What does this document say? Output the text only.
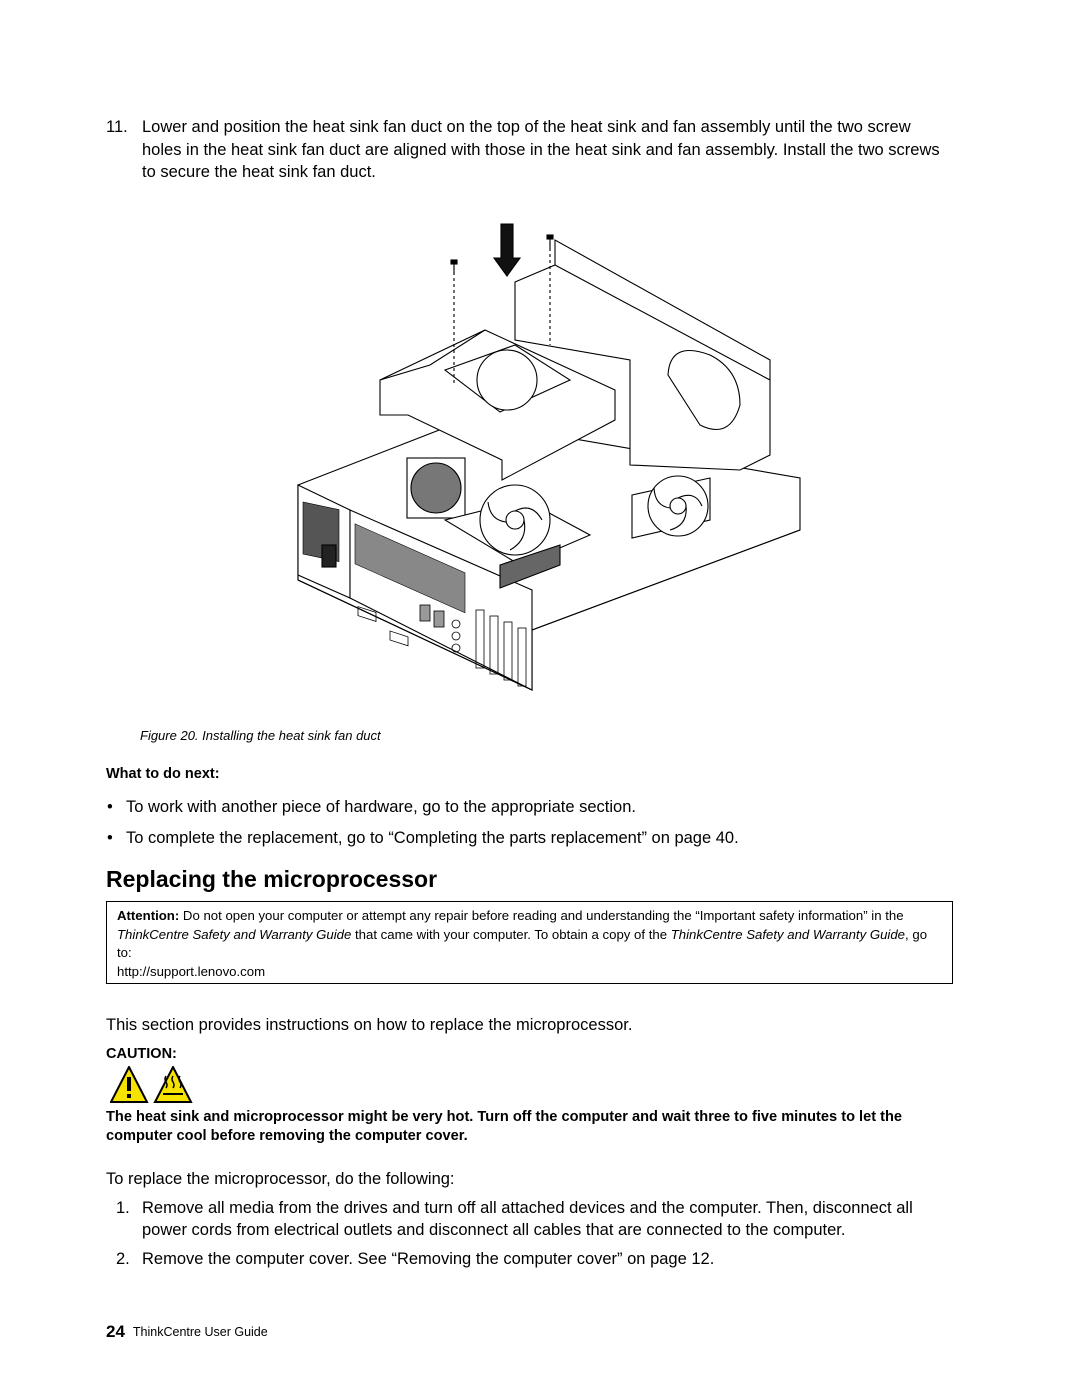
11. Lower and position the heat sink fan duct on the top of the heat sink and fan assembly until the two screw holes in the heat sink fan duct are aligned with those in the heat sink and fan assembly. Install the two screws to secure the heat sink fan duct.
Figure 20. Installing the heat sink fan duct
What to do next:
• To work with another piece of hardware, go to the appropriate section.
• To complete the replacement, go to “Completing the parts replacement” on page 40.
Replacing the microprocessor
Attention: Do not open your computer or attempt any repair before reading and understanding the “Important safety information” in the ThinkCentre Safety and Warranty Guide that came with your computer. To obtain a copy of the ThinkCentre Safety and Warranty Guide, go to:
http://support.lenovo.com
This section provides instructions on how to replace the microprocessor.
CAUTION:
The heat sink and microprocessor might be very hot. Turn off the computer and wait three to five minutes to let the computer cool before removing the computer cover.
To replace the microprocessor, do the following:
1. Remove all media from the drives and turn off all attached devices and the computer. Then, disconnect all power cords from electrical outlets and disconnect all cables that are connected to the computer.
2. Remove the computer cover. See “Removing the computer cover” on page 12.
24 ThinkCentre User Guide
